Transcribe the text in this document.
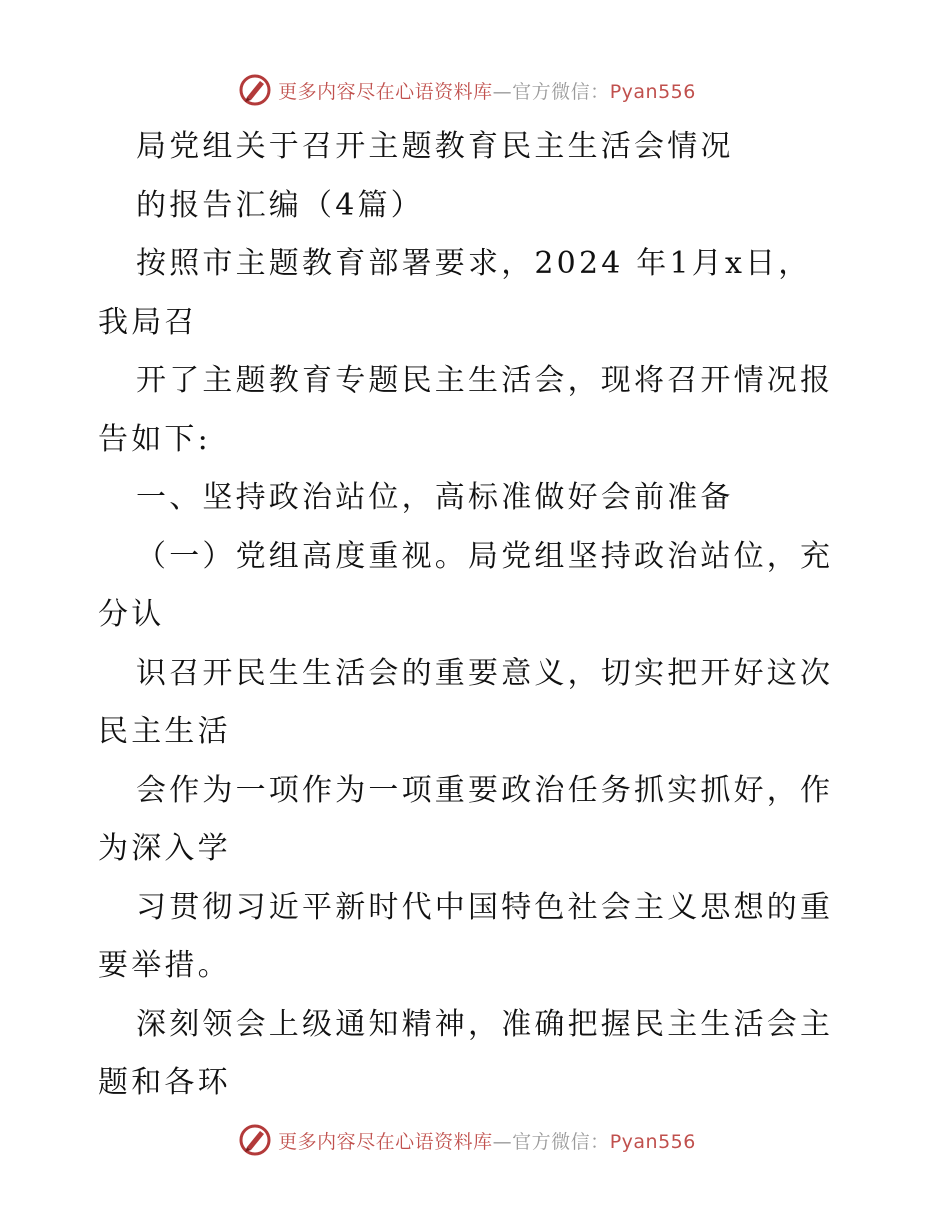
更多内容尽在心语资料库—官方微信：Pyan556
局党组关于召开主题教育民主生活会情况
的报告汇编（4篇）
按照市主题教育部署要求，2024 年1月x日，
我局召
开了主题教育专题民主生活会，现将召开情况报
告如下:
一、坚持政治站位，高标准做好会前准备
（一）党组高度重视。局党组坚持政治站位，充
分认
识召开民生生活会的重要意义，切实把开好这次
民主生活
会作为一项作为一项重要政治任务抓实抓好，作
为深入学
习贯彻习近平新时代中国特色社会主义思想的重
要举措。
深刻领会上级通知精神，准确把握民主生活会主
题和各环
更多内容尽在心语资料库—官方微信：Pyan556
